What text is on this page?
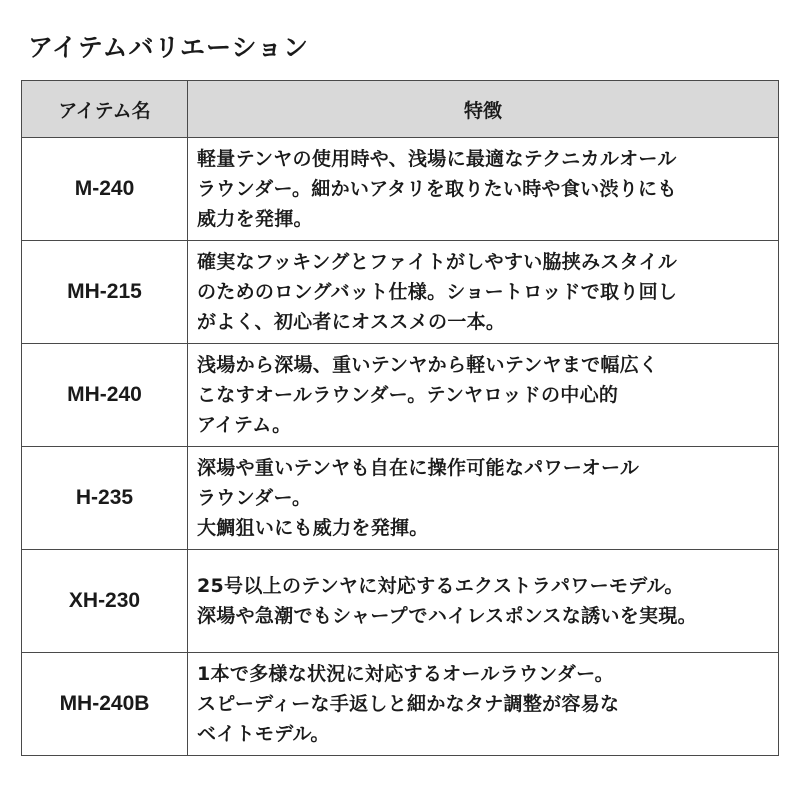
アイテムバリエーション
アイテム名	特徴
M-240	軽量テンヤの使用時や、浅場に最適なテクニカルオール
ラウンダー。細かいアタリを取りたい時や食い渋りにも
威力を発揮。

MH-215	確実なフッキングとファイトがしやすい脇挟みスタイル
のためのロングバット仕様。ショートロッドで取り回し
がよく、初心者にオススメの一本。

MH-240	浅場から深場、重いテンヤから軽いテンヤまで幅広く
こなすオールラウンダー。テンヤロッドの中心的
アイテム。

H-235	深場や重いテンヤも自在に操作可能なパワーオール
ラウンダー。
大鯛狙いにも威力を発揮。

XH-230	25号以上のテンヤに対応するエクストラパワーモデル。
深場や急潮でもシャープでハイレスポンスな誘いを実現。

MH-240B	1本で多様な状況に対応するオールラウンダー。
スピーディーな手返しと細かなタナ調整が容易な
ベイトモデル。
